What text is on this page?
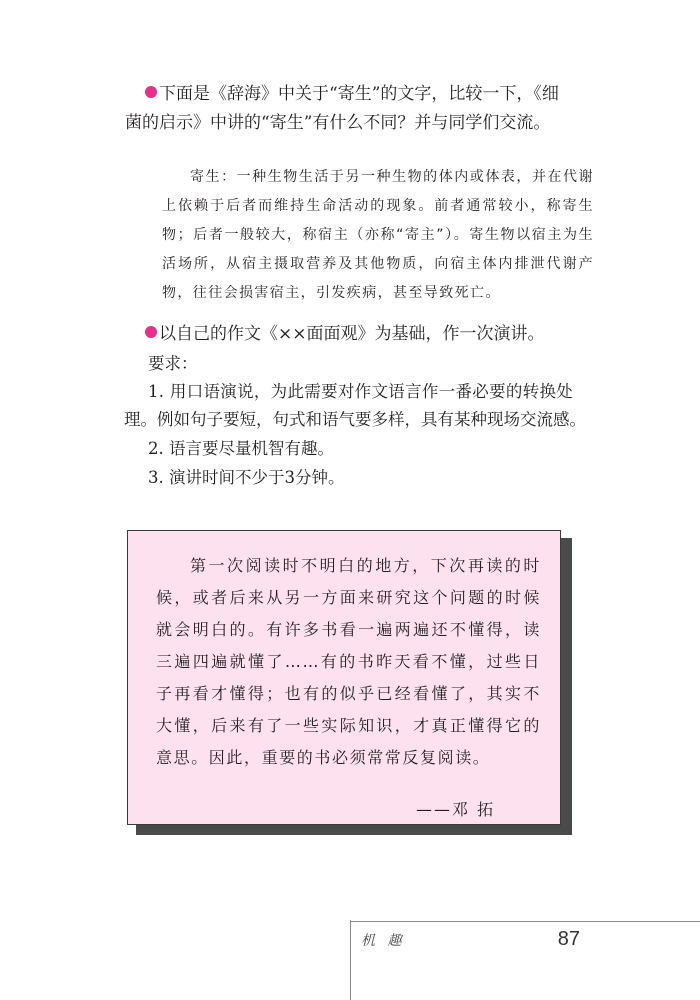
下面是《辞海》中关于“寄生”的文字，比较一下，《细

菌的启示》中讲的“寄生”有什么不同？并与同学们交流。

寄生：一种生物生活于另一种生物的体内或体表，并在代谢上依赖于后者而维持生命活动的现象。前者通常较小，称寄生物；后者一般较大，称宿主（亦称“寄主”）。寄生物以宿主为生活场所，从宿主摄取营养及其他物质，向宿主体内排泄代谢产物，往往会损害宿主，引发疾病，甚至导致死亡。

以自己的作文《××面面观》为基础，作一次演讲。

要求：

1. 用口语演说，为此需要对作文语言作一番必要的转换处

理。例如句子要短，句式和语气要多样，具有某种现场交流感。

2. 语言要尽量机智有趣。

3. 演讲时间不少于3分钟。

第一次阅读时不明白的地方，下次再读的时候，或者后来从另一方面来研究这个问题的时候就会明白的。有许多书看一遍两遍还不懂得，读三遍四遍就懂了……有的书昨天看不懂，过些日子再看才懂得；也有的似乎已经看懂了，其实不大懂，后来有了一些实际知识，才真正懂得它的意思。因此，重要的书必须常常反复阅读。

——邓 拓
机 趣	87
